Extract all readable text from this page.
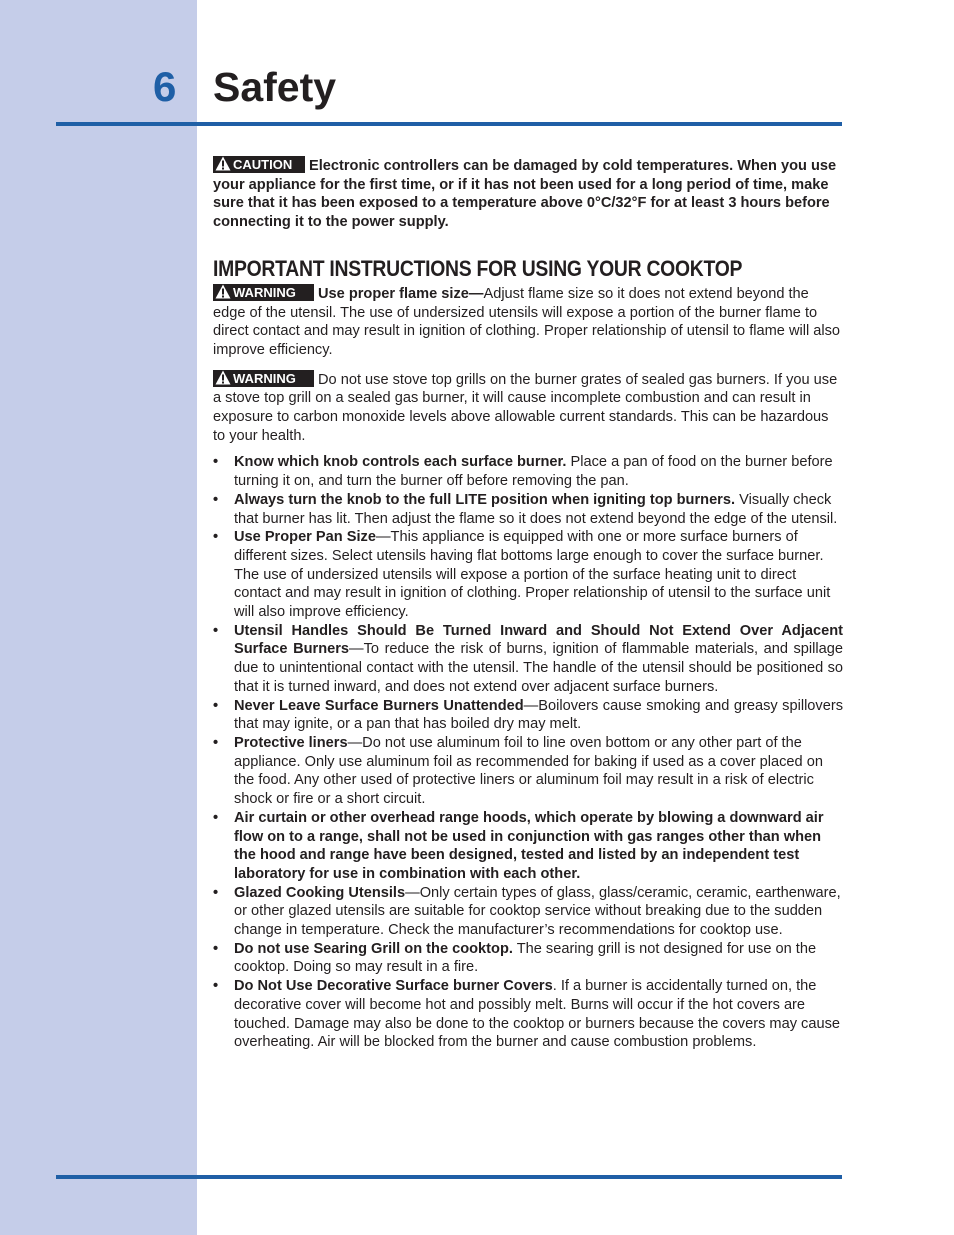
6 Safety

CAUTION Electronic controllers can be damaged by cold temperatures. When you use your appliance for the first time, or if it has not been used for a long period of time, make sure that it has been exposed to a temperature above 0°C/32°F for at least 3 hours before connecting it to the power supply.

IMPORTANT INSTRUCTIONS FOR USING YOUR COOKTOP

WARNING Use proper flame size—Adjust flame size so it does not extend beyond the edge of the utensil. The use of undersized utensils will expose a portion of the burner flame to direct contact and may result in ignition of clothing. Proper relationship of utensil to flame will also improve efficiency.

WARNING Do not use stove top grills on the burner grates of sealed gas burners. If you use a stove top grill on a sealed gas burner, it will cause incomplete combustion and can result in exposure to carbon monoxide levels above allowable current standards. This can be hazardous to your health.

• Know which knob controls each surface burner. Place a pan of food on the burner before turning it on, and turn the burner off before removing the pan.
• Always turn the knob to the full LITE position when igniting top burners. Visually check that burner has lit. Then adjust the flame so it does not extend beyond the edge of the utensil.
• Use Proper Pan Size—This appliance is equipped with one or more surface burners of different sizes. Select utensils having flat bottoms large enough to cover the surface burner. The use of undersized utensils will expose a portion of the surface heating unit to direct contact and may result in ignition of clothing. Proper relationship of utensil to the surface unit will also improve efficiency.
• Utensil Handles Should Be Turned Inward and Should Not Extend Over Adjacent Surface Burners—To reduce the risk of burns, ignition of flammable materials, and spillage due to unintentional contact with the utensil. The handle of the utensil should be positioned so that it is turned inward, and does not extend over adjacent surface burners.
• Never Leave Surface Burners Unattended—Boilovers cause smoking and greasy spillovers that may ignite, or a pan that has boiled dry may melt.
• Protective liners—Do not use aluminum foil to line oven bottom or any other part of the appliance. Only use aluminum foil as recommended for baking if used as a cover placed on the food. Any other used of protective liners or aluminum foil may result in a risk of electric shock or fire or a short circuit.
• Air curtain or other overhead range hoods, which operate by blowing a downward air flow on to a range, shall not be used in conjunction with gas ranges other than when the hood and range have been designed, tested and listed by an independent test laboratory for use in combination with each other.
• Glazed Cooking Utensils—Only certain types of glass, glass/ceramic, ceramic, earthenware, or other glazed utensils are suitable for cooktop service without breaking due to the sudden change in temperature. Check the manufacturer’s recommendations for cooktop use.
• Do not use Searing Grill on the cooktop. The searing grill is not designed for use on the cooktop. Doing so may result in a fire.
• Do Not Use Decorative Surface burner Covers. If a burner is accidentally turned on, the decorative cover will become hot and possibly melt. Burns will occur if the hot covers are touched. Damage may also be done to the cooktop or burners because the covers may cause overheating. Air will be blocked from the burner and cause combustion problems.
